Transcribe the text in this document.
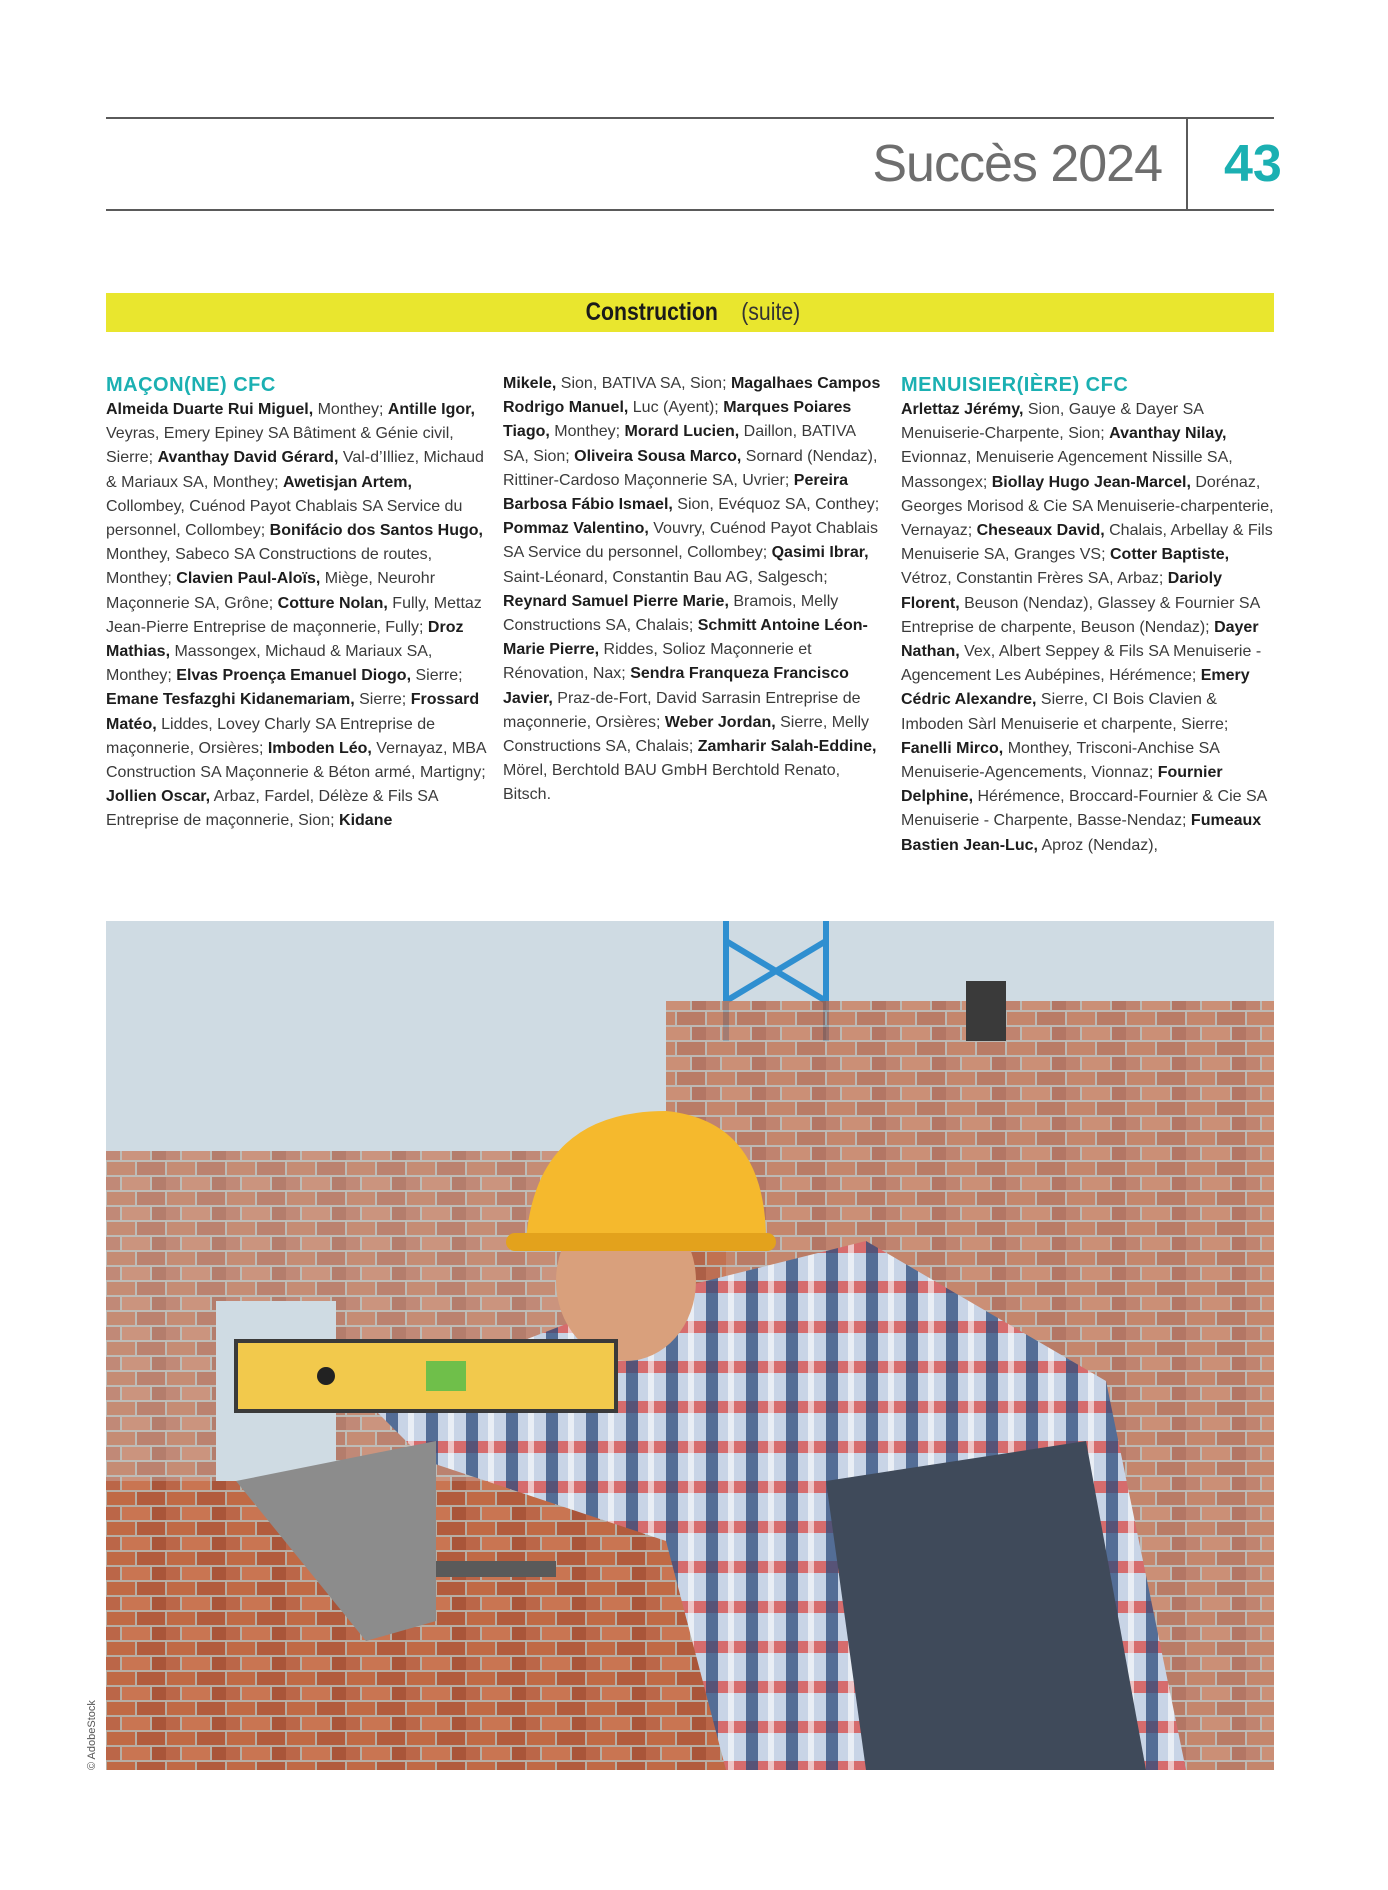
Succès 2024 43
Construction (suite)
MAÇON(NE) CFC

Almeida Duarte Rui Miguel, Monthey; Antille Igor, Veyras, Emery Epiney SA Bâtiment & Génie civil, Sierre; Avanthay David Gérard, Val-d’Illiez, Michaud & Mariaux SA, Monthey; Awetisjan Artem, Collombey, Cuénod Payot Chablais SA Service du personnel, Collombey; Bonifácio dos Santos Hugo, Monthey, Sabeco SA Constructions de routes, Monthey; Clavien Paul-Aloïs, Miège, Neurohr Maçonnerie SA, Grône; Cotture Nolan, Fully, Mettaz Jean-Pierre Entreprise de maçonnerie, Fully; Droz Mathias, Massongex, Michaud & Mariaux SA, Monthey; Elvas Proença Emanuel Diogo, Sierre; Emane Tesfazghi Kidanemariam, Sierre; Frossard Matéo, Liddes, Lovey Charly SA Entreprise de maçonnerie, Orsières; Imboden Léo, Vernayaz, MBA Construction SA Maçonnerie & Béton armé, Martigny; Jollien Oscar, Arbaz, Fardel, Délèze & Fils SA Entreprise de maçonnerie, Sion; Kidane

Mikele, Sion, BATIVA SA, Sion; Magalhaes Campos Rodrigo Manuel, Luc (Ayent); Marques Poiares Tiago, Monthey; Morard Lucien, Daillon, BATIVA SA, Sion; Oliveira Sousa Marco, Sornard (Nendaz), Rittiner-Cardoso Maçonnerie SA, Uvrier; Pereira Barbosa Fábio Ismael, Sion, Evéquoz SA, Conthey; Pommaz Valentino, Vouvry, Cuénod Payot Chablais SA Service du personnel, Collombey; Qasimi Ibrar, Saint-Léonard, Constantin Bau AG, Salgesch; Reynard Samuel Pierre Marie, Bramois, Melly Constructions SA, Chalais; Schmitt Antoine Léon-Marie Pierre, Riddes, Solioz Maçonnerie et Rénovation, Nax; Sendra Franqueza Francisco Javier, Praz-de-Fort, David Sarrasin Entreprise de maçonnerie, Orsières; Weber Jordan, Sierre, Melly Constructions SA, Chalais; Zamharir Salah-Eddine, Mörel, Berchtold BAU GmbH Berchtold Renato, Bitsch.

MENUISIER(IÈRE) CFC

Arlettaz Jérémy, Sion, Gauye & Dayer SA Menuiserie-Charpente, Sion; Avanthay Nilay, Evionnaz, Menuiserie Agencement Nissille SA, Massongex; Biollay Hugo Jean-Marcel, Dorénaz, Georges Morisod & Cie SA Menuiserie-charpenterie, Vernayaz; Cheseaux David, Chalais, Arbellay & Fils Menuiserie SA, Granges VS; Cotter Baptiste, Vétroz, Constantin Frères SA, Arbaz; Darioly Florent, Beuson (Nendaz), Glassey & Fournier SA Entreprise de charpente, Beuson (Nendaz); Dayer Nathan, Vex, Albert Seppey & Fils SA Menuiserie - Agencement Les Aubépines, Hérémence; Emery Cédric Alexandre, Sierre, CI Bois Clavien & Imboden Sàrl Menuiserie et charpente, Sierre; Fanelli Mirco, Monthey, Trisconi-Anchise SA Menuiserie-Agencements, Vionnaz; Fournier Delphine, Hérémence, Broccard-Fournier & Cie SA Menuiserie - Charpente, Basse-Nendaz; Fumeaux Bastien Jean-Luc, Aproz (Nendaz),

© AdobeStock
